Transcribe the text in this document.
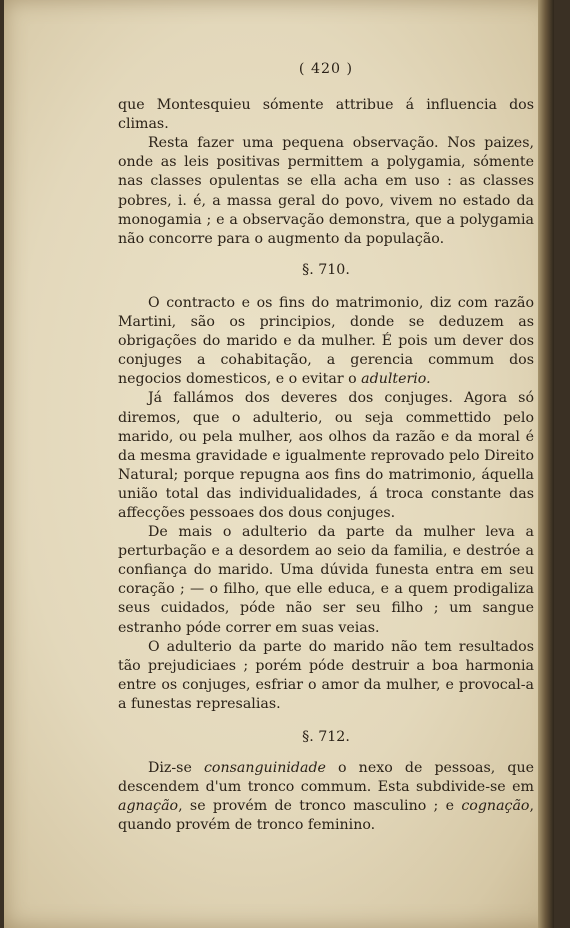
( 420 )

que Montesquieu sómente attribue á influencia dos climas.

Resta fazer uma pequena observação. Nos paizes, onde as leis positivas permittem a polygamia, sómente nas classes opulentas se ella acha em uso : as classes pobres, i. é, a massa geral do povo, vivem no estado da monogamia ; e a observação demonstra, que a polygamia não concorre para o augmento da população.

§. 710.

O contracto e os fins do matrimonio, diz com razão Martini, são os principios, donde se deduzem as obrigações do marido e da mulher. É pois um dever dos conjuges a cohabitação, a gerencia commum dos negocios domesticos, e o evitar o adulterio.

Já fallámos dos deveres dos conjuges. Agora só diremos, que o adulterio, ou seja commettido pelo marido, ou pela mulher, aos olhos da razão e da moral é da mesma gravidade e igualmente reprovado pelo Direito Natural; porque repugna aos fins do matrimonio, áquella união total das individualidades, á troca constante das affecções pessoaes dos dous conjuges.

De mais o adulterio da parte da mulher leva a perturbação e a desordem ao seio da familia, e destróe a confiança do marido. Uma dúvida funesta entra em seu coração ; — o filho, que elle educa, e a quem prodigaliza seus cuidados, póde não ser seu filho ; um sangue estranho póde correr em suas veias.

O adulterio da parte do marido não tem resultados tão prejudiciaes ; porém póde destruir a boa harmonia entre os conjuges, esfriar o amor da mulher, e provocal-a a funestas represalias.

§. 712.

Diz-se consanguinidade o nexo de pessoas, que descendem d'um tronco commum. Esta subdivide-se em agnação, se provém de tronco masculino ; e cognação, quando provém de tronco feminino.
